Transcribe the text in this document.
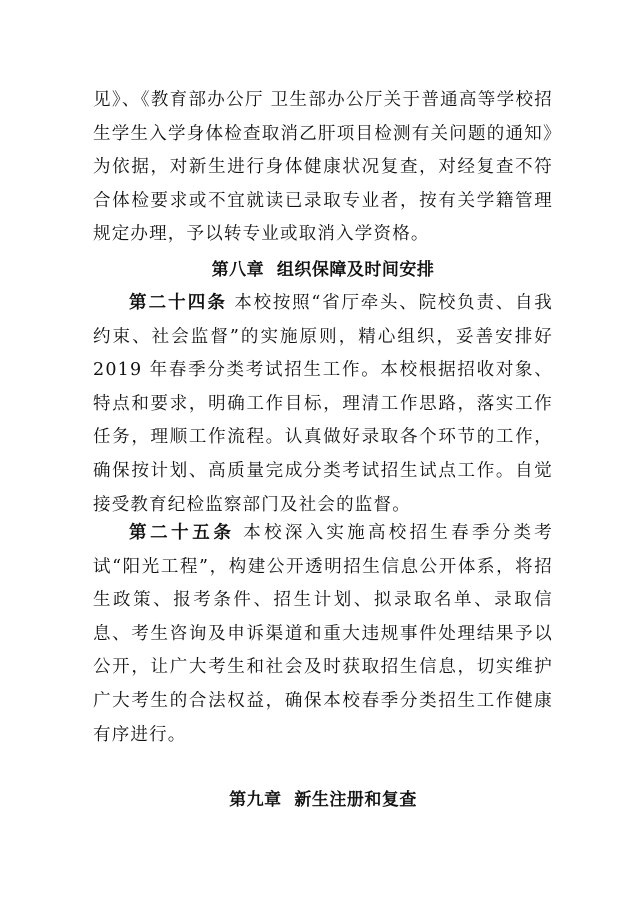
见》、《教育部办公厅 卫生部办公厅关于普通高等学校招生学生入学身体检查取消乙肝项目检测有关问题的通知》为依据，对新生进行身体健康状况复查，对经复查不符合体检要求或不宜就读已录取专业者，按有关学籍管理规定办理，予以转专业或取消入学资格。

第八章  组织保障及时间安排

第二十四条 本校按照“省厅牵头、院校负责、自我约束、社会监督”的实施原则，精心组织，妥善安排好 2019 年春季分类考试招生工作。本校根据招收对象、特点和要求，明确工作目标，理清工作思路，落实工作任务，理顺工作流程。认真做好录取各个环节的工作，确保按计划、高质量完成分类考试招生试点工作。自觉接受教育纪检监察部门及社会的监督。

第二十五条 本校深入实施高校招生春季分类考试“阳光工程”，构建公开透明招生信息公开体系，将招生政策、报考条件、招生计划、拟录取名单、录取信息、考生咨询及申诉渠道和重大违规事件处理结果予以公开，让广大考生和社会及时获取招生信息，切实维护广大考生的合法权益，确保本校春季分类招生工作健康有序进行。

第九章  新生注册和复查
